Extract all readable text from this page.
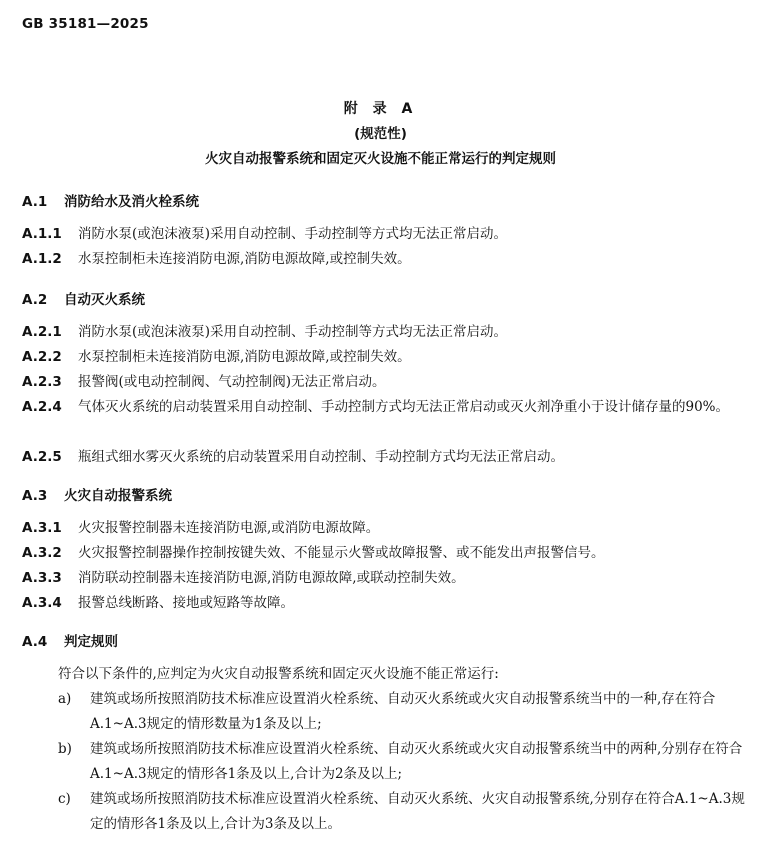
GB 35181—2025
附 录 A
(规范性)
火灾自动报警系统和固定灭火设施不能正常运行的判定规则
A.1 消防给水及消火栓系统
A.1.1 消防水泵(或泡沫液泵)采用自动控制、手动控制等方式均无法正常启动。
A.1.2 水泵控制柜未连接消防电源,消防电源故障,或控制失效。
A.2 自动灭火系统
A.2.1 消防水泵(或泡沫液泵)采用自动控制、手动控制等方式均无法正常启动。
A.2.2 水泵控制柜未连接消防电源,消防电源故障,或控制失效。
A.2.3 报警阀(或电动控制阀、气动控制阀)无法正常启动。
A.2.4 气体灭火系统的启动装置采用自动控制、手动控制方式均无法正常启动或灭火剂净重小于设计储存量的90%。
A.2.5 瓶组式细水雾灭火系统的启动装置采用自动控制、手动控制方式均无法正常启动。
A.3 火灾自动报警系统
A.3.1 火灾报警控制器未连接消防电源,或消防电源故障。
A.3.2 火灾报警控制器操作控制按键失效、不能显示火警或故障报警、或不能发出声报警信号。
A.3.3 消防联动控制器未连接消防电源,消防电源故障,或联动控制失效。
A.3.4 报警总线断路、接地或短路等故障。
A.4 判定规则
符合以下条件的,应判定为火灾自动报警系统和固定灭火设施不能正常运行:
a) 建筑或场所按照消防技术标准应设置消火栓系统、自动灭火系统或火灾自动报警系统当中的一种,存在符合A.1~A.3规定的情形数量为1条及以上;
b) 建筑或场所按照消防技术标准应设置消火栓系统、自动灭火系统或火灾自动报警系统当中的两种,分别存在符合A.1~A.3规定的情形各1条及以上,合计为2条及以上;
c) 建筑或场所按照消防技术标准应设置消火栓系统、自动灭火系统、火灾自动报警系统,分别存在符合A.1~A.3规定的情形各1条及以上,合计为3条及以上。
